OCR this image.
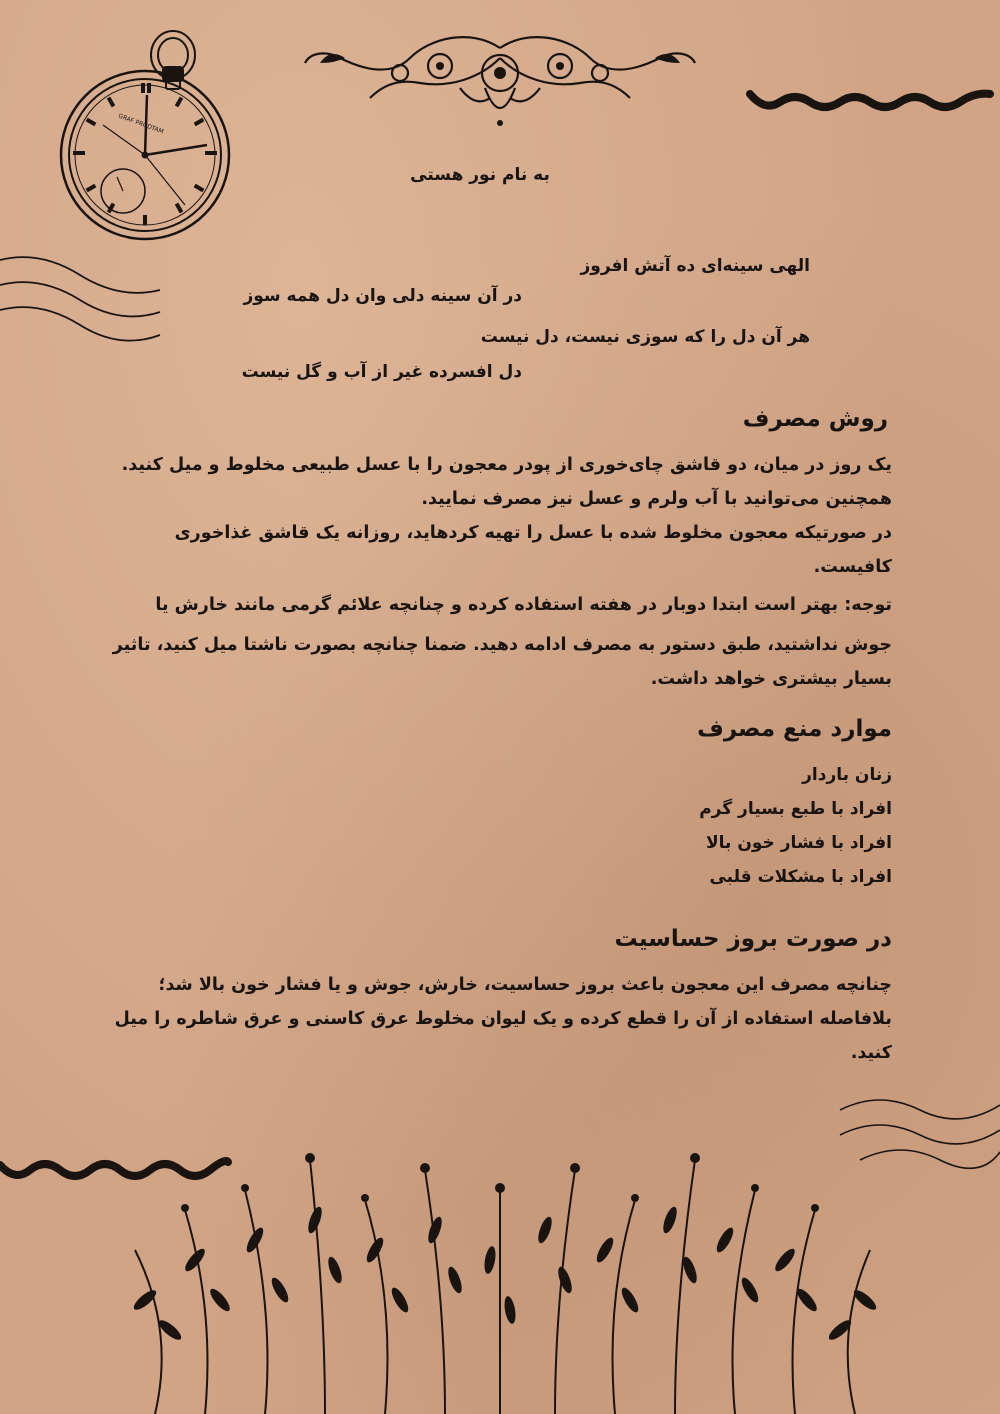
GRAF PRODTAM
به نام نور هستی
الهی سینه‌ای ده آتش افروز
در آن سینه دلی وان دل همه سوز
هر آن دل را که سوزی نیست، دل نیست
دل افسرده غیر از آب و گل نیست
روش مصرف
یک روز در میان، دو قاشق چای‌خوری از پودر معجون را با عسل طبیعی مخلوط و میل کنید. همچنین می‌توانید با آب ولرم و عسل نیز مصرف نمایید.
در صورتیکه معجون مخلوط شده با عسل را تهیه کردهاید، روزانه یک قاشق غذاخوری کافیست.
توجه: بهتر است ابتدا دوبار در هفته استفاده کرده و چنانچه علائم گرمی مانند خارش یا
جوش نداشتید، طبق دستور به مصرف ادامه دهید. ضمنا چنانچه بصورت ناشتا میل کنید، تاثیر بسیار بیشتری خواهد داشت.
موارد منع مصرف
زنان باردار
افراد با طبع بسیار گرم
افراد با فشار خون بالا
افراد با مشکلات قلبی
در صورت بروز حساسیت
چنانچه مصرف این معجون باعث بروز حساسیت، خارش، جوش و یا فشار خون بالا شد؛ بلافاصله استفاده از آن را قطع کرده و یک لیوان مخلوط عرق کاسنی و عرق شاطره را میل کنید.
